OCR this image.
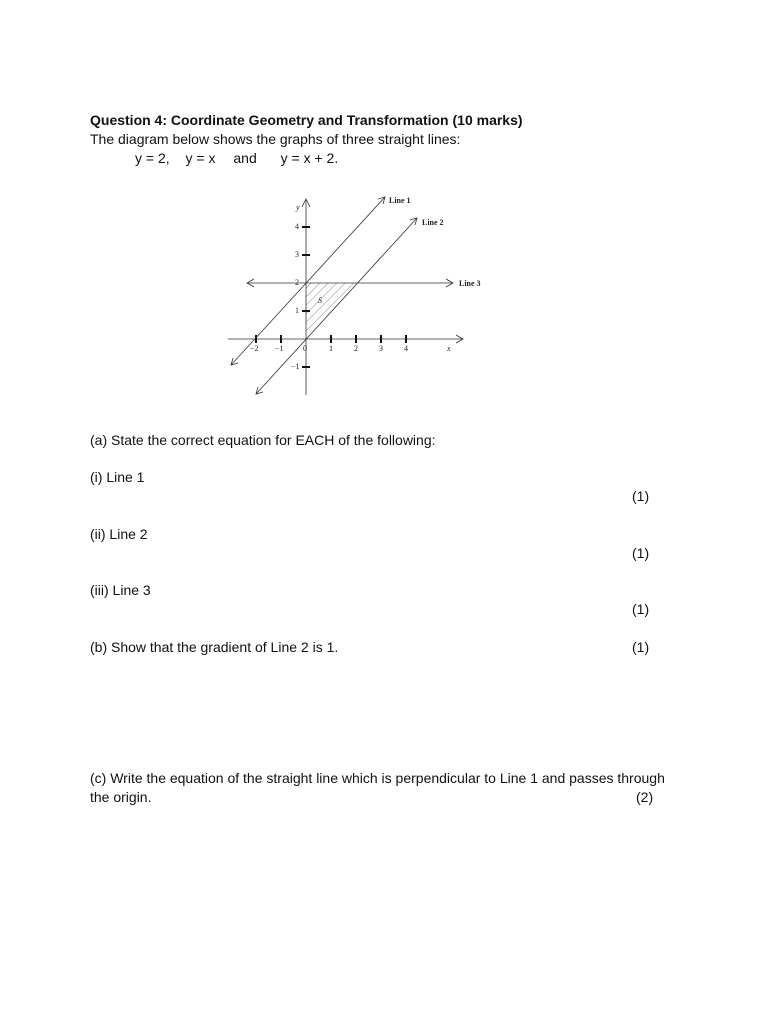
Question 4: Coordinate Geometry and Transformation (10 marks)
The diagram below shows the graphs of three straight lines:
y = 2, y = x and y = x + 2.
Line 1
Line 2
Line 3
y
x
4
3
2
1
−1
−2 −1 0	1	2	3	4
S
(a) State the correct equation for EACH of the following:
(i) Line 1
(1)
(ii) Line 2
(1)
(iii) Line 3
(1)
(b) Show that the gradient of Line 2 is 1.	(1)
(c) Write the equation of the straight line which is perpendicular to Line 1 and passes through
the origin.	(2)
